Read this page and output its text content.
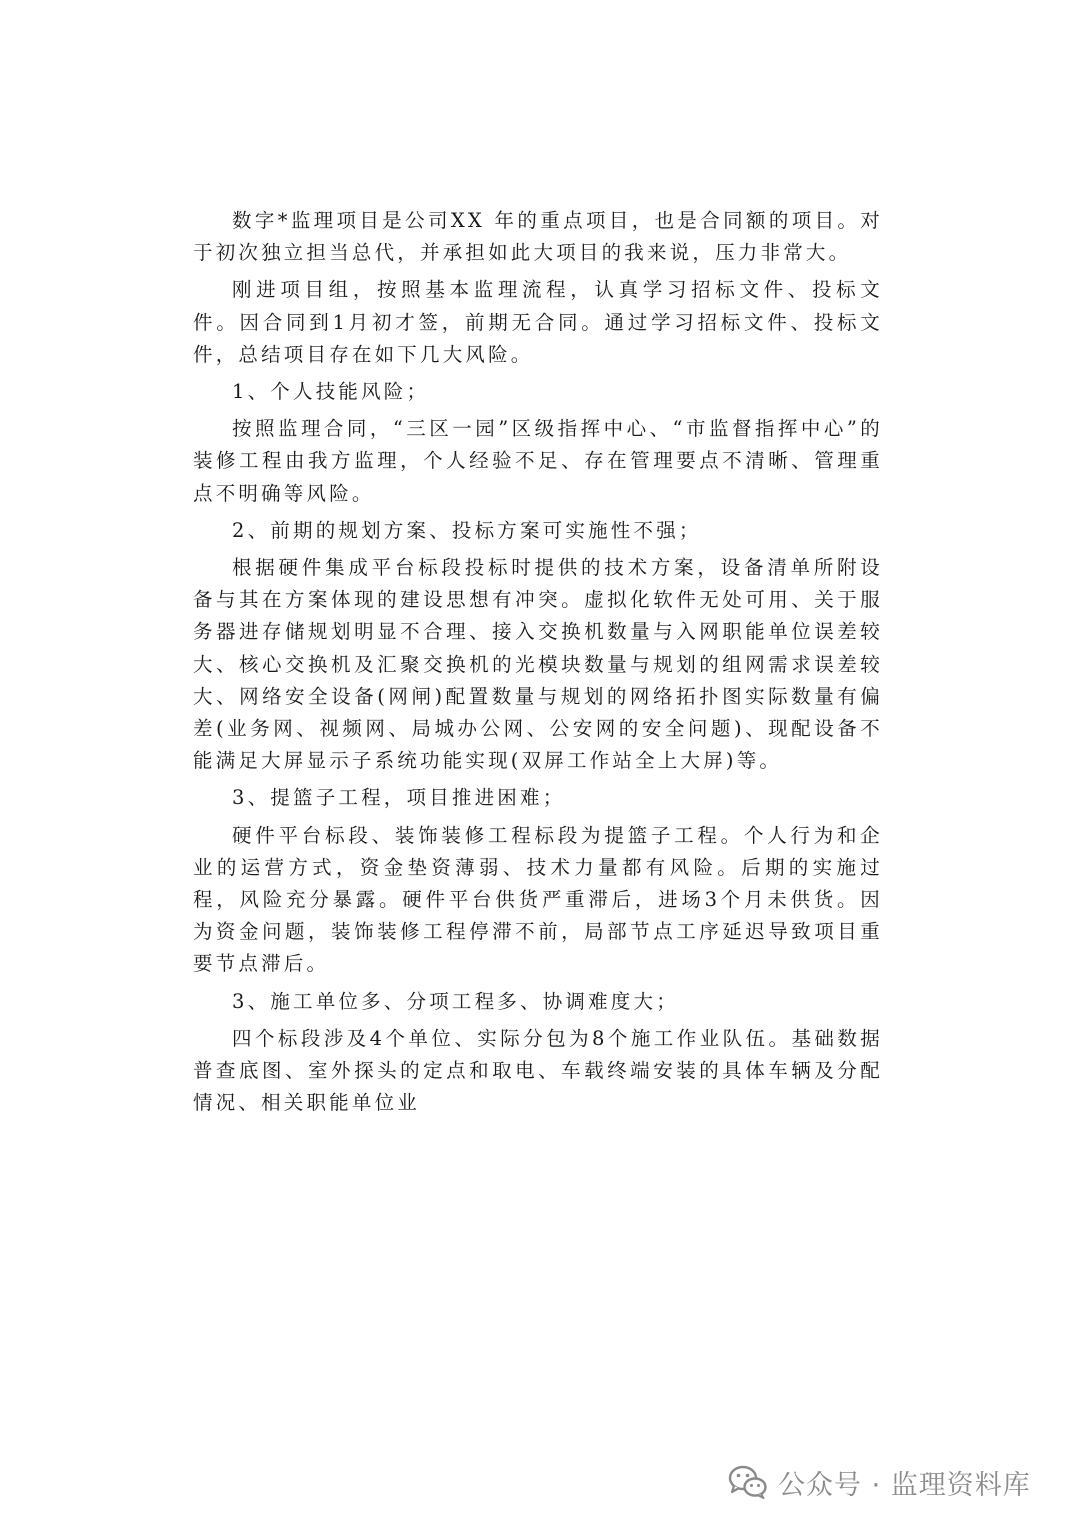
数字*监理项目是公司XX 年的重点项目，也是合同额的项目。对于初次独立担当总代，并承担如此大项目的我来说，压力非常大。

刚进项目组，按照基本监理流程，认真学习招标文件、投标文件。因合同到1月初才签，前期无合同。通过学习招标文件、投标文件，总结项目存在如下几大风险。

1、个人技能风险；

按照监理合同，“三区一园”区级指挥中心、“市监督指挥中心”的装修工程由我方监理，个人经验不足、存在管理要点不清晰、管理重点不明确等风险。

2、前期的规划方案、投标方案可实施性不强；

根据硬件集成平台标段投标时提供的技术方案，设备清单所附设备与其在方案体现的建设思想有冲突。虚拟化软件无处可用、关于服务器进存储规划明显不合理、接入交换机数量与入网职能单位误差较大、核心交换机及汇聚交换机的光模块数量与规划的组网需求误差较大、网络安全设备(网闸)配置数量与规划的网络拓扑图实际数量有偏差(业务网、视频网、局城办公网、公安网的安全问题)、现配设备不能满足大屏显示子系统功能实现(双屏工作站全上大屏)等。

3、提篮子工程，项目推进困难；

硬件平台标段、装饰装修工程标段为提篮子工程。个人行为和企业的运营方式，资金垫资薄弱、技术力量都有风险。后期的实施过程，风险充分暴露。硬件平台供货严重滞后，进场3个月未供货。因为资金问题，装饰装修工程停滞不前，局部节点工序延迟导致项目重要节点滞后。

3、施工单位多、分项工程多、协调难度大；

四个标段涉及4个单位、实际分包为8个施工作业队伍。基础数据普查底图、室外探头的定点和取电、车载终端安装的具体车辆及分配情况、相关职能单位业

公众号 · 监理资料库
